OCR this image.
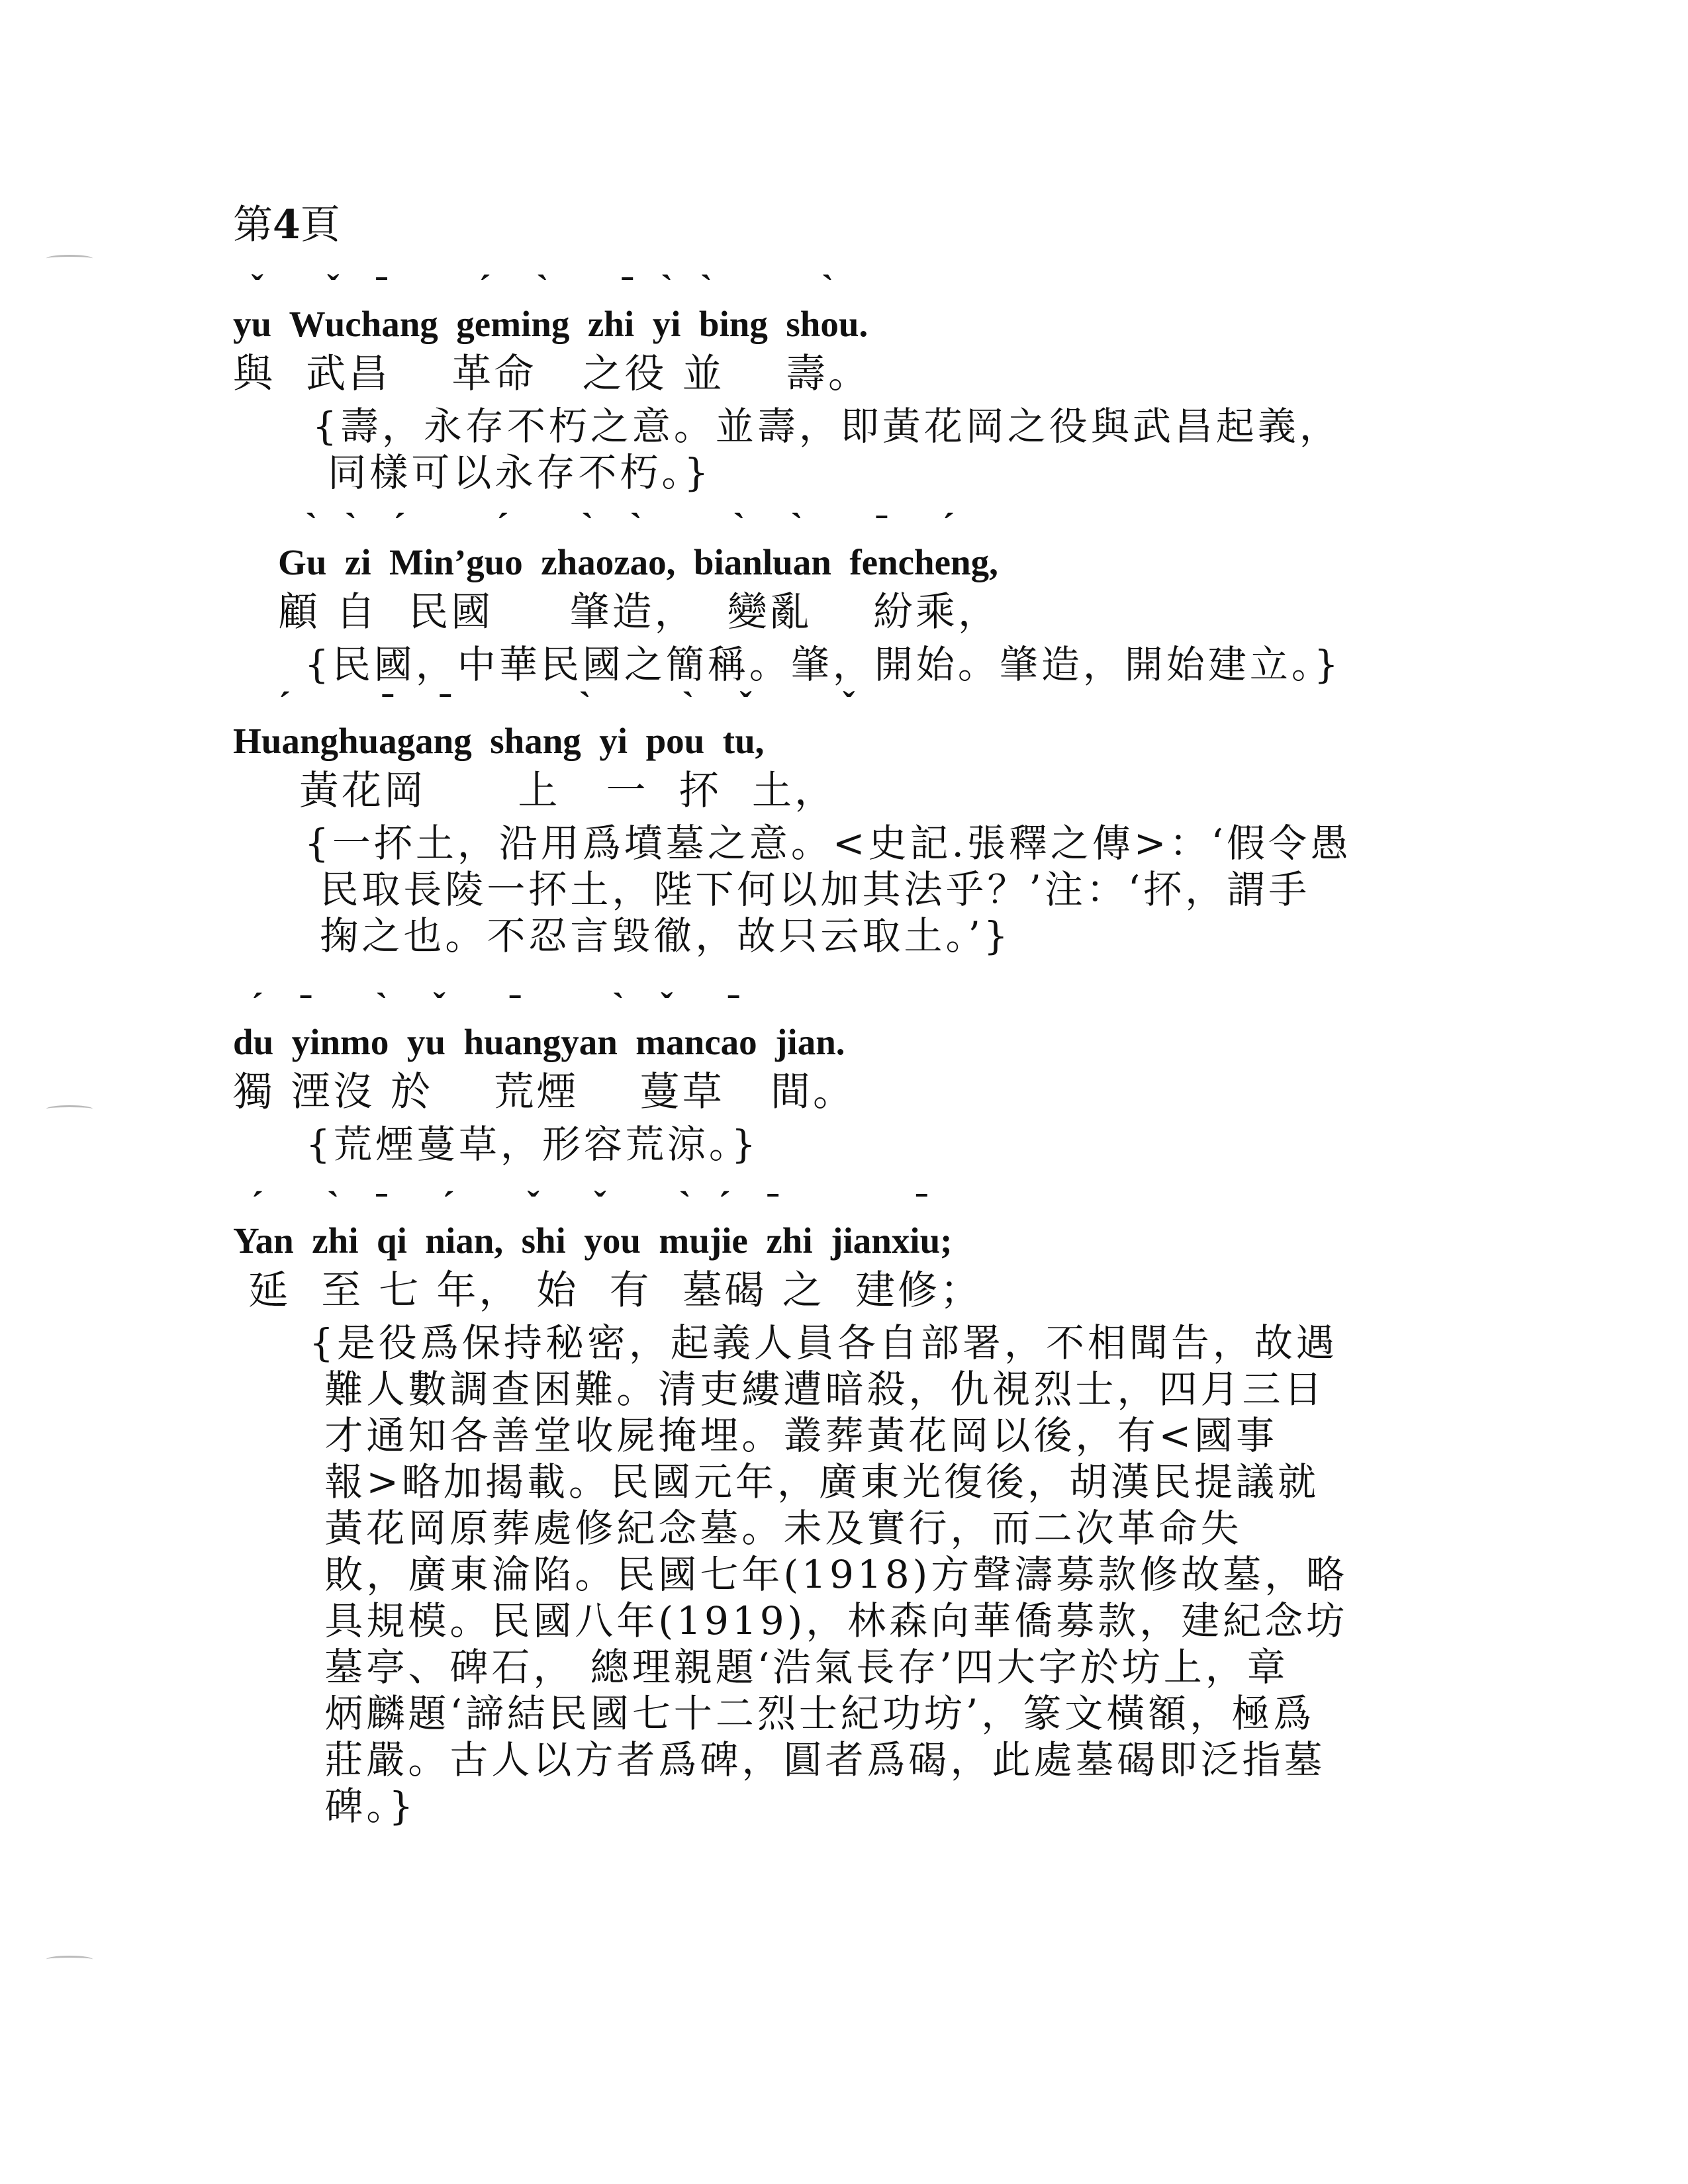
第4頁
ˇ       ˇ    ˉ          ˊ     ˋ        ˉ   ˋ   ˋ            ˋ
yu  Wuchang  geming  zhi  yi  bing  shou.
與  武昌    革命   之役 並    壽。

{壽，永存不朽之意。並壽，即黃花岡之役與武昌起義，

同樣可以永存不朽。}

ˋ   ˋ    ˊ          ˊ        ˋ    ˋ          ˋ     ˋ        ˉ      ˊ
Gu  zi  Min’guo  zhaozao,  bianluan  fencheng,
顧 自  民國     肇造，  變亂    紛乘，

{民國，中華民國之簡稱。肇，開始。肇造，開始建立。}

ˊ          ˉ     ˉ              ˋ          ˋ     ˇ          ˇ
Huanghuagang  shang  yi  pou  tu,
黃花岡      上   一  抔  土，

{一抔土，沿用爲墳墓之意。<史記.張釋之傳>：‘假令愚

民取長陵一抔土，陛下何以加其法乎？’注：‘抔，謂手

掬之也。不忍言毀徹，故只云取土。’}

ˊ    ˉ       ˋ     ˇ       ˉ          ˋ    ˇ      ˉ
du  yinmo  yu  huangyan  mancao  jian.
獨 湮沒 於    荒煙    蔓草   間。

{荒煙蔓草，形容荒涼。}

ˊ       ˋ    ˉ      ˊ        ˇ      ˇ        ˋ   ˊ    ˉ               ˉ
Yan  zhi  qi  nian,  shi  you  mujie  zhi  jianxiu;
延  至 七 年， 始  有  墓碣 之  建修；

{是役爲保持秘密，起義人員各自部署，不相聞告，故遇

難人數調查困難。清吏縷遭暗殺，仇視烈士，四月三日

才通知各善堂收屍掩埋。叢葬黃花岡以後，有<國事

報>略加揭載。民國元年，廣東光復後，胡漢民提議就

黃花岡原葬處修紀念墓。未及實行，而二次革命失

敗，廣東淪陷。民國七年(1918)方聲濤募款修故墓，略

具規模。民國八年(1919)，林森向華僑募款，建紀念坊

墓亭、碑石， 總理親題‘浩氣長存’四大字於坊上，章

炳麟題‘諦結民國七十二烈士紀功坊’，篆文橫額，極爲

莊嚴。古人以方者爲碑，圓者爲碣，此處墓碣即泛指墓

碑。}
